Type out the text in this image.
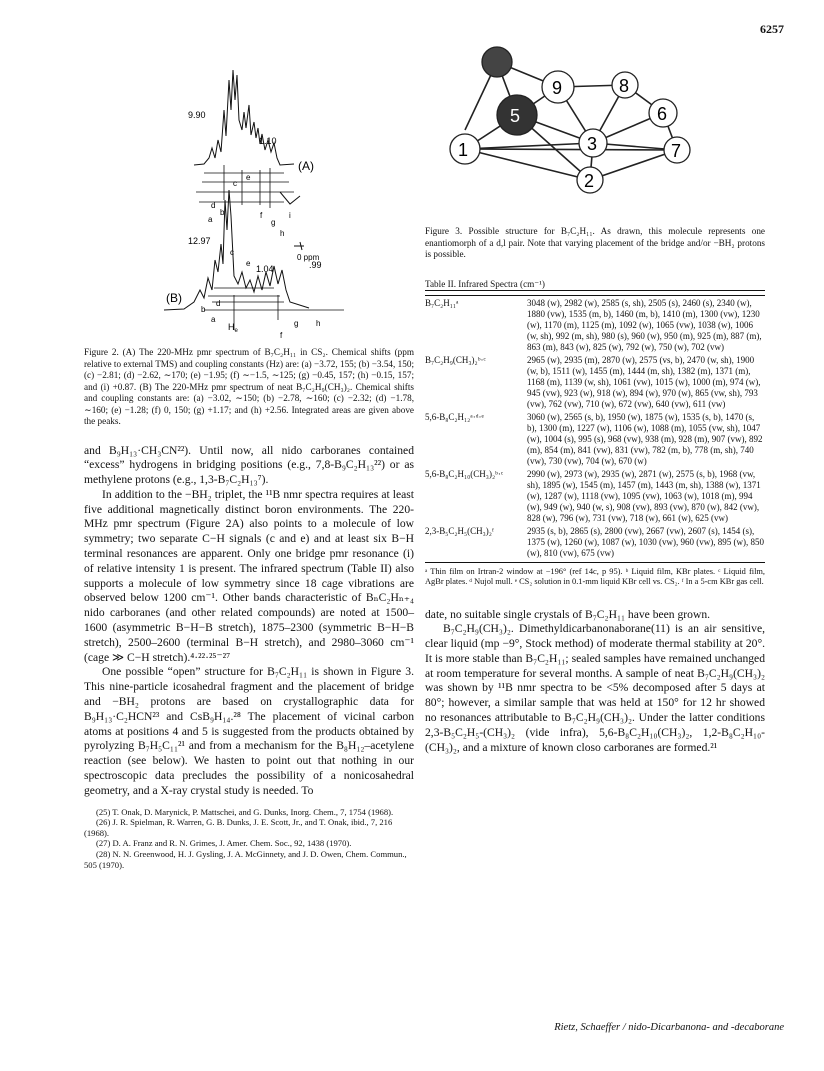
6257
9.90
1.10
(A)
a
b
c
d
e
f
g
h
i
0 ppm
12.97
1.04	.99
(B)
a
b
c
d
e
f
g h
$H_e$
Figure 2. (A) The 220-MHz pmr spectrum of B₇C₂H₁₁ in CS₂. Chemical shifts (ppm relative to external TMS) and coupling constants (Hz) are: (a) −3.72, 155; (b) −3.54, 150; (c) −2.81; (d) −2.62, ∼170; (e) −1.95; (f) ∼−1.5, ∼125; (g) −0.45, 157; (h) −0.15, 157; and (i) +0.87. (B) The 220-MHz pmr spectrum of neat B₇C₂H₉(CH₃)₂. Chemical shifts and coupling constants are: (a) −3.02, ∼150; (b) −2.78, ∼160; (c) −2.32; (d) −1.78, ∼160; (e) −1.28; (f) 0, 150; (g) +1.17; and (h) +2.56. Integrated areas are given above the peaks.

and B₉H₁₃·CH₃CN²²). Until now, all nido carboranes contained “excess” hydrogens in bridging positions (e.g., 7,8-B₉C₂H₁₃²²) or as methylene protons (e.g., 1,3-B₇C₂H₁₃⁷).

In addition to the −BH₂ triplet, the ¹¹B nmr spectra requires at least five additional magnetically distinct boron environments. The 220-MHz pmr spectrum (Figure 2A) also points to a molecule of low symmetry; two separate C−H signals (c and e) and at least six B−H terminal resonances are apparent. Only one bridge pmr resonance (i) of relative intensity 1 is present. The infrared spectrum (Table II) also supports a molecule of low symmetry since 18 cage vibrations are observed below 1200 cm⁻¹. Other bands characteristic of BₙC₂Hₙ₊₄ nido carboranes (and other related compounds) are noted at 1500–1600 (asymmetric B−H−B stretch), 1875–2300 (symmetric B−H−B stretch), 2500–2600 (terminal B−H stretch), and 2980–3060 cm⁻¹ (cage ≫ C−H stretch).⁴·²²·²⁵⁻²⁷

One possible “open” structure for B₇C₂H₁₁ is shown in Figure 3. This nine-particle icosahedral fragment and the placement of bridge and −BH₂ protons are based on crystallographic data for B₉H₁₃·C₂HCN²³ and CsB₉H₁₄.²⁸ The placement of vicinal carbon atoms at positions 4 and 5 is suggested from the products obtained by pyrolyzing B₇H₅C₁₁²¹ and from a mechanism for the B₈H₁₂–acetylene reaction (see below). We hasten to point out that nothing in our spectroscopic data precludes the possibility of a nonicosahedral geometry, and a X-ray crystal study is needed. To

(25) T. Onak, D. Marynick, P. Mattschei, and G. Dunks, Inorg. Chem., 7, 1754 (1968).
(26) J. R. Spielman, R. Warren, G. B. Dunks, J. E. Scott, Jr., and T. Onak, ibid., 7, 216 (1968).
(27) D. A. Franz and R. N. Grimes, J. Amer. Chem. Soc., 92, 1438 (1970).
(28) N. N. Greenwood, H. J. Gysling, J. A. McGinnety, and J. D. Owen, Chem. Commun., 505 (1970).
1
2
3
5	6
7
8
9
Figure 3. Possible structure for B₇C₂H₁₁. As drawn, this molecule represents one enantiomorph of a d,l pair. Note that varying placement of the bridge and/or −BH₂ protons is possible.
Table II. Infrared Spectra (cm⁻¹)

B₇C₂H₁₁ᵃ	3048 (w), 2982 (w), 2585 (s, sh), 2505 (s), 2460 (s), 2340 (w), 1880 (vw), 1535 (m, b), 1460 (m, b), 1410 (m), 1300 (vw), 1230 (w), 1170 (m), 1125 (m), 1092 (w), 1065 (vw), 1038 (w), 1006 (w, sh), 992 (m, sh), 980 (s), 960 (w), 950 (m), 925 (m), 887 (m), 863 (m), 843 (w), 825 (w), 792 (w), 750 (w), 702 (vw)
B₇C₂H₉(CH₃)₂ᵇ·ᶜ	2965 (w), 2935 (m), 2870 (w), 2575 (vs, b), 2470 (w, sh), 1900 (w, b), 1511 (w), 1455 (m), 1444 (m, sh), 1382 (m), 1371 (m), 1168 (m), 1139 (w, sh), 1061 (vw), 1015 (w), 1000 (m), 974 (w), 945 (vw), 923 (w), 918 (w), 894 (w), 970 (w), 865 (vw, sh), 793 (vw), 762 (vw), 710 (w), 672 (vw), 640 (vw), 611 (vw)
5,6-B₈C₂H₁₂ᵃ·ᵈ·ᵉ	3060 (w), 2565 (s, b), 1950 (w), 1875 (w), 1535 (s, b), 1470 (s, b), 1300 (m), 1227 (w), 1106 (w), 1088 (m), 1055 (vw, sh), 1047 (w), 1004 (s), 995 (s), 968 (vw), 938 (m), 928 (m), 907 (vw), 892 (m), 854 (m), 841 (vw), 831 (vw), 782 (m, b), 778 (m, sh), 740 (vw), 730 (vw), 704 (w), 670 (w)
5,6-B₈C₂H₁₀(CH₃)₂ᵇ·ᶜ	2990 (w), 2973 (w), 2935 (w), 2871 (w), 2575 (s, b), 1968 (vw, sh), 1895 (w), 1545 (m), 1457 (m), 1443 (m, sh), 1388 (w), 1371 (w), 1287 (w), 1118 (vw), 1095 (vw), 1063 (w), 1018 (m), 994 (w), 949 (w), 940 (w, s), 908 (vw), 893 (vw), 870 (w), 842 (vw), 828 (w), 796 (w), 731 (vw), 718 (w), 661 (w), 625 (vw)
2,3-B₅C₂H₅(CH₃)₂ᶠ	2935 (s, b), 2865 (s), 2800 (vw), 2667 (vw), 2607 (s), 1454 (s), 1375 (w), 1260 (w), 1087 (w), 1030 (vw), 960 (vw), 895 (w), 850 (w), 810 (vw), 675 (vw)
ᵃ Thin film on Irtran-2 window at −196° (ref 14c, p 95). ᵇ Liquid film, KBr plates. ᶜ Liquid film, AgBr plates. ᵈ Nujol mull. ᵉ CS₂ solution in 0.1-mm liquid KBr cell vs. CS₂. ᶠ In a 5-cm KBr gas cell.

date, no suitable single crystals of B₇C₂H₁₁ have been grown.

B₇C₂H₉(CH₃)₂. Dimethyldicarbanonaborane(11) is an air sensitive, clear liquid (mp −9°, Stock method) of moderate thermal stability at 20°. It is more stable than B₇C₂H₁₁; sealed samples have remained unchanged at room temperature for several months. A sample of neat B₇C₂H₉(CH₃)₂ was shown by ¹¹B nmr spectra to be <5% decomposed after 5 days at 80°; however, a similar sample that was held at 150° for 12 hr showed no resonances attributable to B₇C₂H₉(CH₃)₂. Under the latter conditions 2,3-B₅C₂H₅-(CH₃)₂ (vide infra), 5,6-B₈C₂H₁₀(CH₃)₂, 1,2-B₈C₂H₁₀-(CH₃)₂, and a mixture of known closo carboranes are formed.²¹

Rietz, Schaeffer / nido-Dicarbanona- and -decaborane
